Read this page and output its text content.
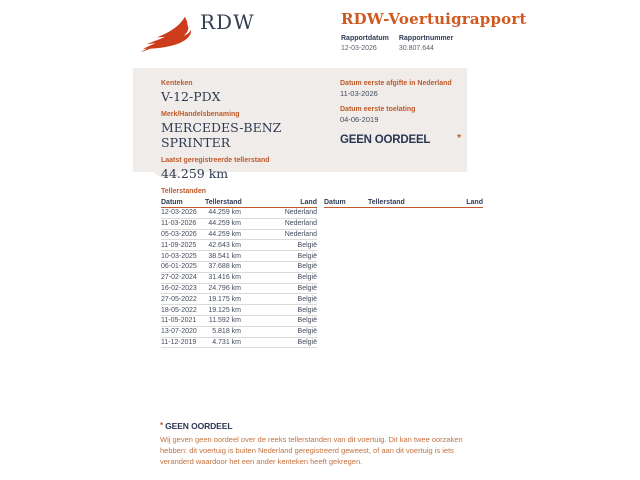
RDW	RDW-Voertuigrapport
Rapportdatum
12-03-2026
Rapportnummer
30.807.644
Kenteken
V-12-PDX
Merk/Handelsbenaming
MERCEDES-BENZ
SPRINTER
Laatst geregistreerde tellerstand
44.259 km
Datum eerste afgifte in Nederland
11-03-2026
Datum eerste toelating
04-06-2019
GEEN OORDEEL	*
Tellerstanden
Datum	Tellerstand	Land
12-03-2026	44.259 km	Nederland
11-03-2026	44.259 km	Nederland
05-03-2026	44.259 km	Nederland
11-09-2025	42.643 km	België
10-03-2025	38.541 km	België
06-01-2025	37.688 km	België
27-02-2024	31.416 km	België
16-02-2023	24.796 km	België
27-05-2022	19.175 km	België
18-05-2022	19.125 km	België
11-05-2021	11.592 km	België
13-07-2020	5.818 km	België
11-12-2019	4.731 km	België
Datum	Tellerstand	Land
* GEEN OORDEEL
Wij geven geen oordeel over de reeks tellerstanden van dit voertuig. Dit kan twee oorzaken hebben: dit voertuig is buiten Nederland geregistreerd geweest, of aan dit voertuig is iets veranderd waardoor het een ander kenteken heeft gekregen.
